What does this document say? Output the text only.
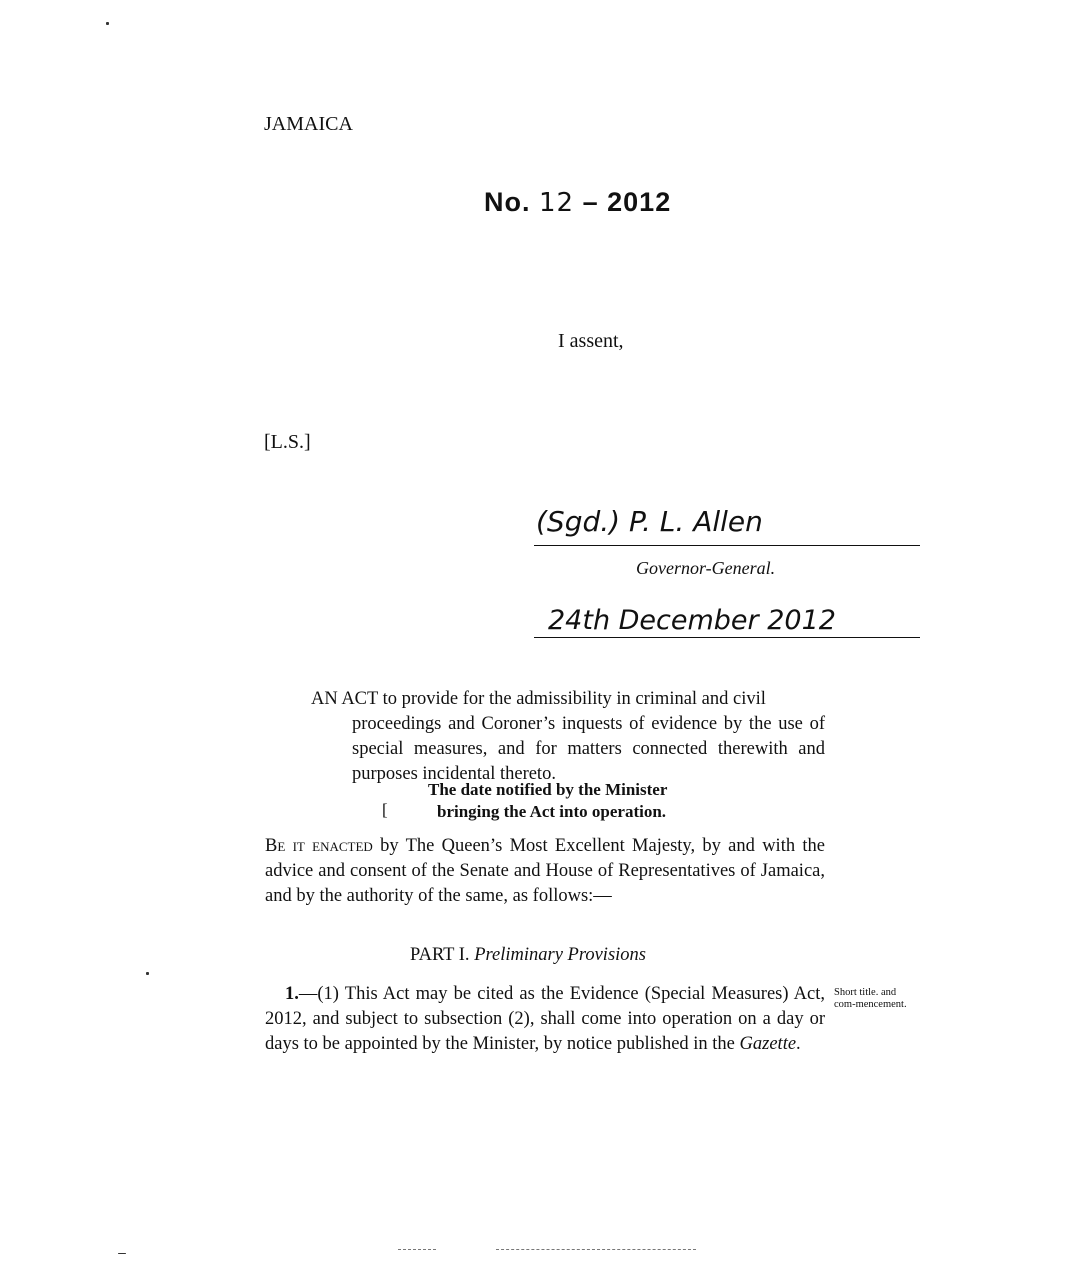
JAMAICA
No. 12 – 2012
I assent,
[L.S.]
(Sgd.) P. L. Allen
Governor-General.
24th December 2012
AN ACT to provide for the admissibility in criminal and civil
proceedings and Coroner’s inquests of evidence by the use of special measures, and for matters connected therewith and purposes incidental thereto.
The date notified by the Minister
bringing the Act into operation.
[
Be it enacted by The Queen’s Most Excellent Majesty, by and with the advice and consent of the Senate and House of Representatives of Jamaica, and by the authority of the same, as follows:—
PART I. Preliminary Provisions
1.—(1) This Act may be cited as the Evidence (Special Measures) Act, 2012, and subject to subsection (2), shall come into operation on a day or days to be appointed by the Minister, by notice published in the Gazette.
Short title. and com-mencement.
